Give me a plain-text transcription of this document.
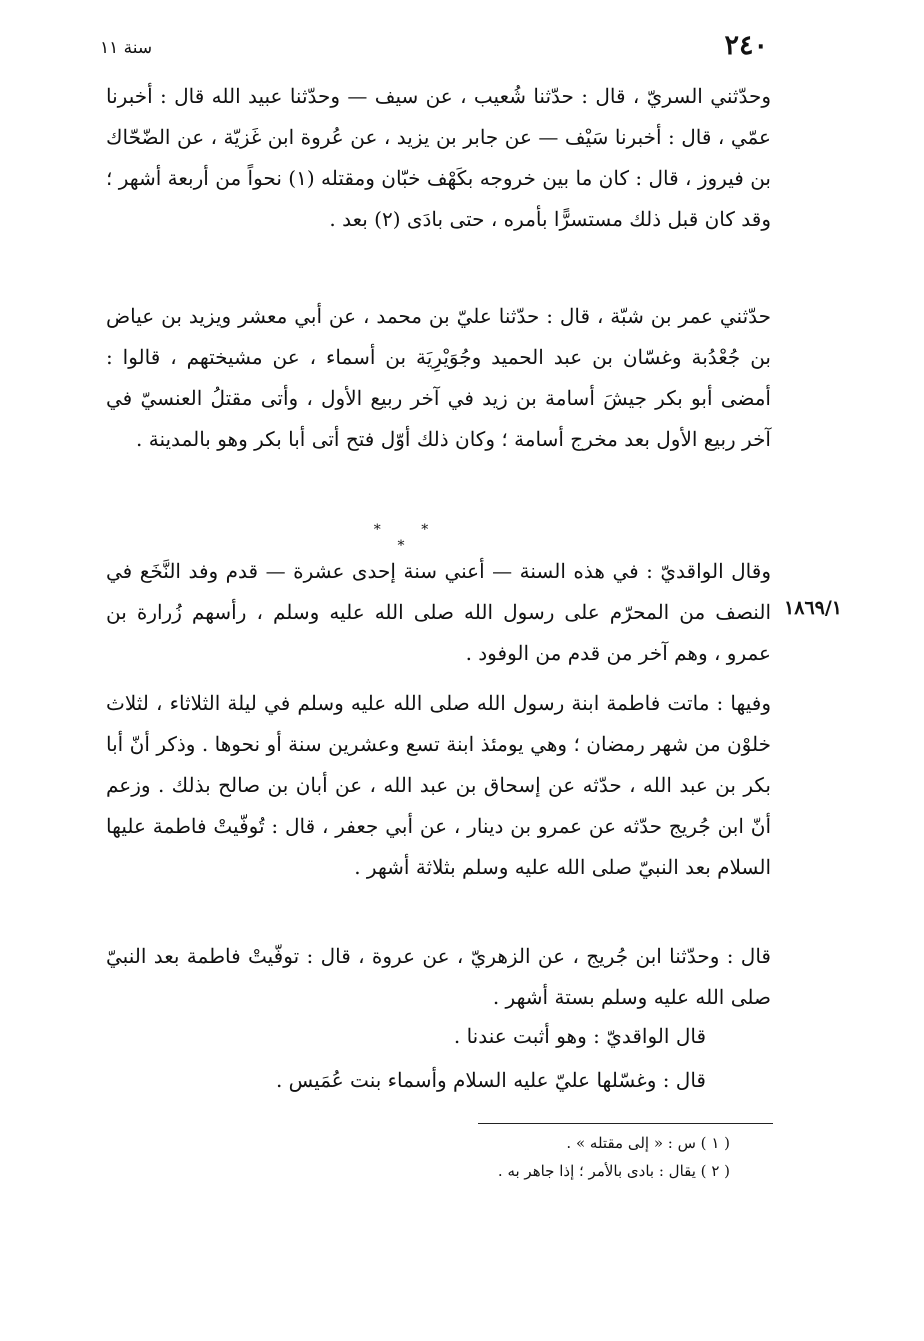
٢٤٠
سنة ١١

وحدّثني السريّ ، قال : حدّثنا شُعيب ، عن سيف — وحدّثنا عبيد الله قال : أخبرنا عمّي ، قال : أخبرنا سَيْف — عن جابر بن يزيد ، عن عُروة ابن غَزيّة ، عن الضّحّاك بن فيروز ، قال : كان ما بين خروجه بكَهْف خبّان ومقتله (١) نحواً من أربعة أشهر ؛ وقد كان قبل ذلك مستسرًّا بأمره ، حتى بادَى (٢) بعد .

حدّثني عمر بن شبّة ، قال : حدّثنا عليّ بن محمد ، عن أبي معشر ويزيد بن عياض بن جُعْدُبة وغسّان بن عبد الحميد وجُوَيْرِيَة بن أسماء ، عن مشيختهم ، قالوا : أمضى أبو بكر جيشَ أسامة بن زيد في آخر ربيع الأول ، وأتى مقتلُ العنسيّ في آخر ربيع الأول بعد مخرج أسامة ؛ وكان ذلك أوّل فتح أتى أبا بكر وهو بالمدينة .

* * *
١٨٦٩/١

وقال الواقديّ : في هذه السنة — أعني سنة إحدى عشرة — قدم وفد النَّخَع في النصف من المحرّم على رسول الله صلى الله عليه وسلم ، رأسهم زُرارة بن عمرو ، وهم آخر من قدم من الوفود .

وفيها : ماتت فاطمة ابنة رسول الله صلى الله عليه وسلم في ليلة الثلاثاء ، لثلاث خلوْن من شهر رمضان ؛ وهي يومئذ ابنة تسع وعشرين سنة أو نحوها . وذكر أنّ أبا بكر بن عبد الله ، حدّثه عن إسحاق بن عبد الله ، عن أبان بن صالح بذلك . وزعم أنّ ابن جُريج حدّثه عن عمرو بن دينار ، عن أبي جعفر ، قال : تُوفّيتْ فاطمة عليها السلام بعد النبيّ صلى الله عليه وسلم بثلاثة أشهر .

قال : وحدّثنا ابن جُريج ، عن الزهريّ ، عن عروة ، قال : توفّيتْ فاطمة بعد النبيّ صلى الله عليه وسلم بستة أشهر .

قال الواقديّ : وهو أثبت عندنا .
قال : وغسّلها عليّ عليه السلام وأسماء بنت عُمَيس .
( ١ ) س : « إلى مقتله » .
( ٢ ) يقال : بادى بالأمر ؛ إذا جاهر به .
